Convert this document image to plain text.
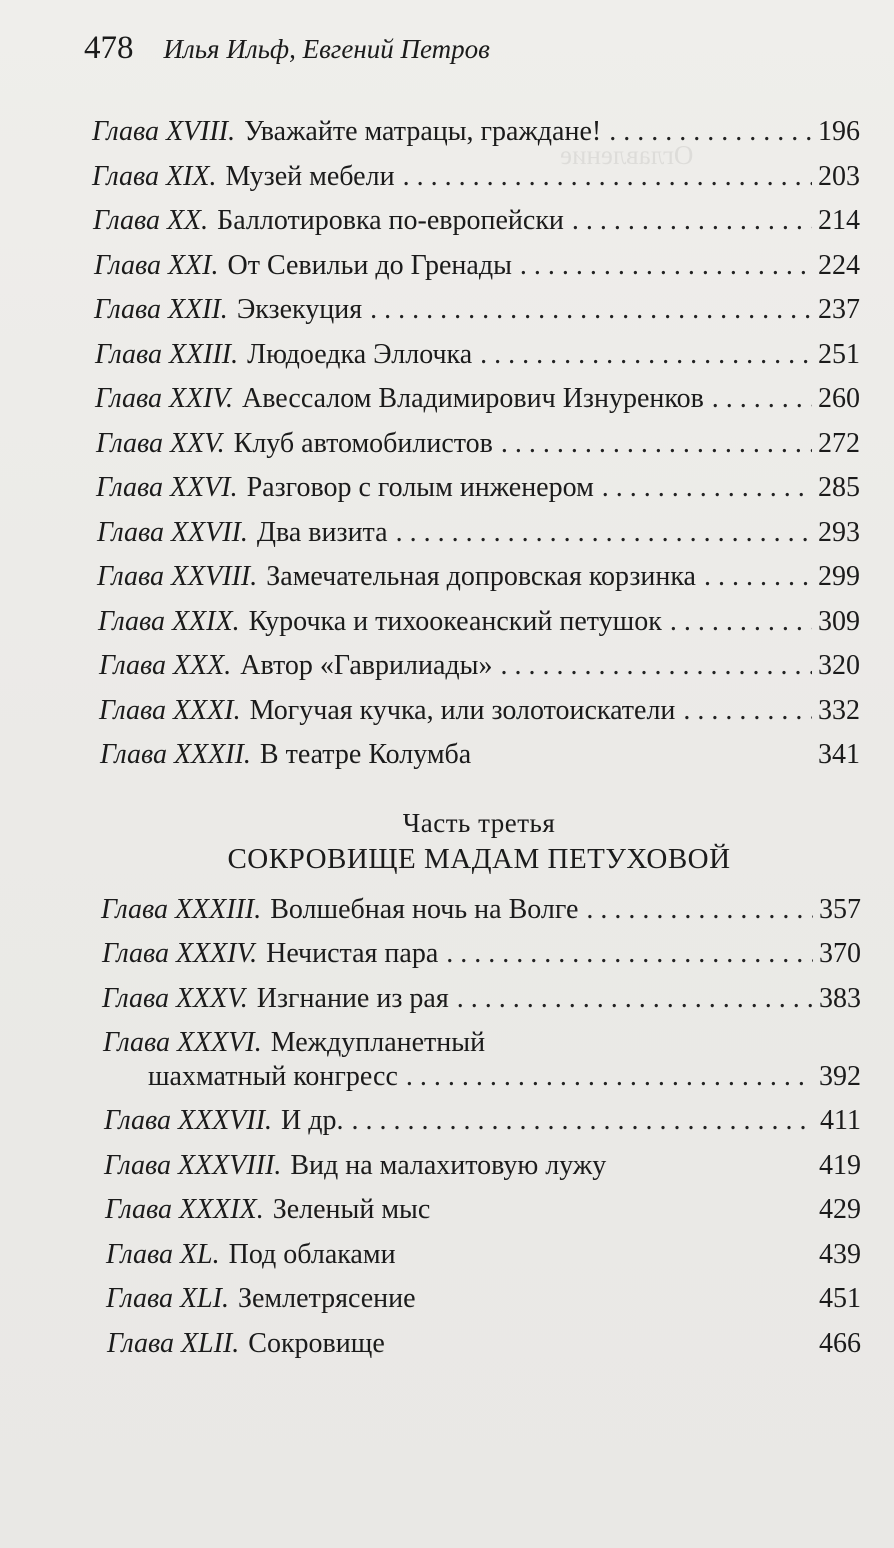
Оглавление
478 Илья Ильф, Евгений Петров
Глава XVIII. Уважайте матрацы, граждане! . . .	196
Глава XIX. Музей мебели . . .	203
Глава XX. Баллотировка по-европейски . . .	214
Глава XXI. От Севильи до Гренады . . .	224
Глава XXII. Экзекуция . . .	237
Глава XXIII. Людоедка Эллочка . . .	251
Глава XXIV. Авессалом Владимирович Изнуренков . . .	260
Глава XXV. Клуб автомобилистов . . .	272
Глава XXVI. Разговор с голым инженером . . .	285
Глава XXVII. Два визита . . .	293
Глава XXVIII. Замечательная допровская корзинка . . .	299
Глава XXIX. Курочка и тихоокеанский петушок . . .	309
Глава XXX. Автор «Гаврилиады» . . .	320
Глава XXXI. Могучая кучка, или золотоискатели . . .	332
Глава XXXII. В театре Колумба	341
Часть третья
СОКРОВИЩЕ МАДАМ ПЕТУХОВОЙ
Глава XXXIII. Волшебная ночь на Волге . . .	357
Глава XXXIV. Нечистая пара . . .	370
Глава XXXV. Изгнание из рая . . .	383
Глава XXXVI. Междупланетный
шахматный конгресс . . .	392
Глава XXXVII. И др. . . .	411
Глава XXXVIII. Вид на малахитовую лужу	419
Глава XXXIX. Зеленый мыс	429
Глава XL. Под облаками	439
Глава XLI. Землетрясение	451
Глава XLII. Сокровище	466
